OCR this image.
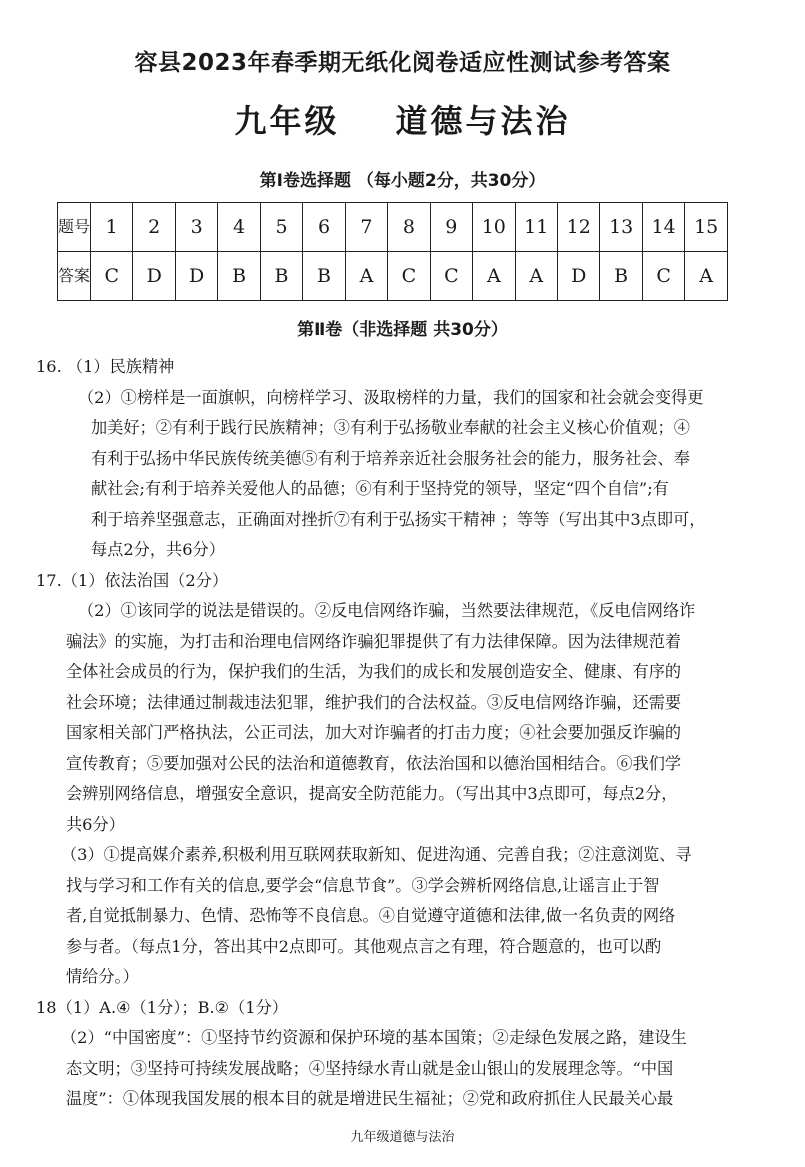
容县2023年春季期无纸化阅卷适应性测试参考答案
九年级 道德与法治
第Ⅰ卷选择题 （每小题2分，共30分）
题号	1	2	3	4	5	6	7	8	9	10	11	12	13	14	15
答案	C	D	D	B	B	B	A	C	C	A	A	D	B	C	A
第Ⅱ卷（非选择题 共30分）
16. （1）民族精神
（2）①榜样是一面旗帜，向榜样学习、汲取榜样的力量，我们的国家和社会就会变得更
加美好；②有利于践行民族精神；③有利于弘扬敬业奉献的社会主义核心价值观；④
有利于弘扬中华民族传统美德⑤有利于培养亲近社会服务社会的能力，服务社会、奉
献社会;有利于培养关爱他人的品德；⑥有利于坚持党的领导，坚定“四个自信”;有
利于培养坚强意志，正确面对挫折⑦有利于弘扬实干精神 ；等等（写出其中3点即可，
每点2分，共6分）
17.（1）依法治国（2分）
（2）①该同学的说法是错误的。②反电信网络诈骗，当然要法律规范，《反电信网络诈
骗法》的实施，为打击和治理电信网络诈骗犯罪提供了有力法律保障。因为法律规范着
全体社会成员的行为，保护我们的生活，为我们的成长和发展创造安全、健康、有序的
社会环境；法律通过制裁违法犯罪，维护我们的合法权益。③反电信网络诈骗，还需要
国家相关部门严格执法，公正司法，加大对诈骗者的打击力度；④社会要加强反诈骗的
宣传教育；⑤要加强对公民的法治和道德教育，依法治国和以德治国相结合。⑥我们学
会辨别网络信息，增强安全意识，提高安全防范能力。（写出其中3点即可，每点2分，
共6分）
（3）①提高媒介素养,积极利用互联网获取新知、促进沟通、完善自我；②注意浏览、寻
找与学习和工作有关的信息,要学会“信息节食”。③学会辨析网络信息,让谣言止于智
者,自觉抵制暴力、色情、恐怖等不良信息。④自觉遵守道德和法律,做一名负责的网络
参与者。（每点1分，答出其中2点即可。其他观点言之有理，符合题意的，也可以酌
情给分。）
18（1）A.④（1分）；B.②（1分）
（2）“中国密度”：①坚持节约资源和保护环境的基本国策；②走绿色发展之路，建设生
态文明；③坚持可持续发展战略；④坚持绿水青山就是金山银山的发展理念等。“中国
温度”：①体现我国发展的根本目的就是增进民生福祉；②党和政府抓住人民最关心最
九年级道德与法治
